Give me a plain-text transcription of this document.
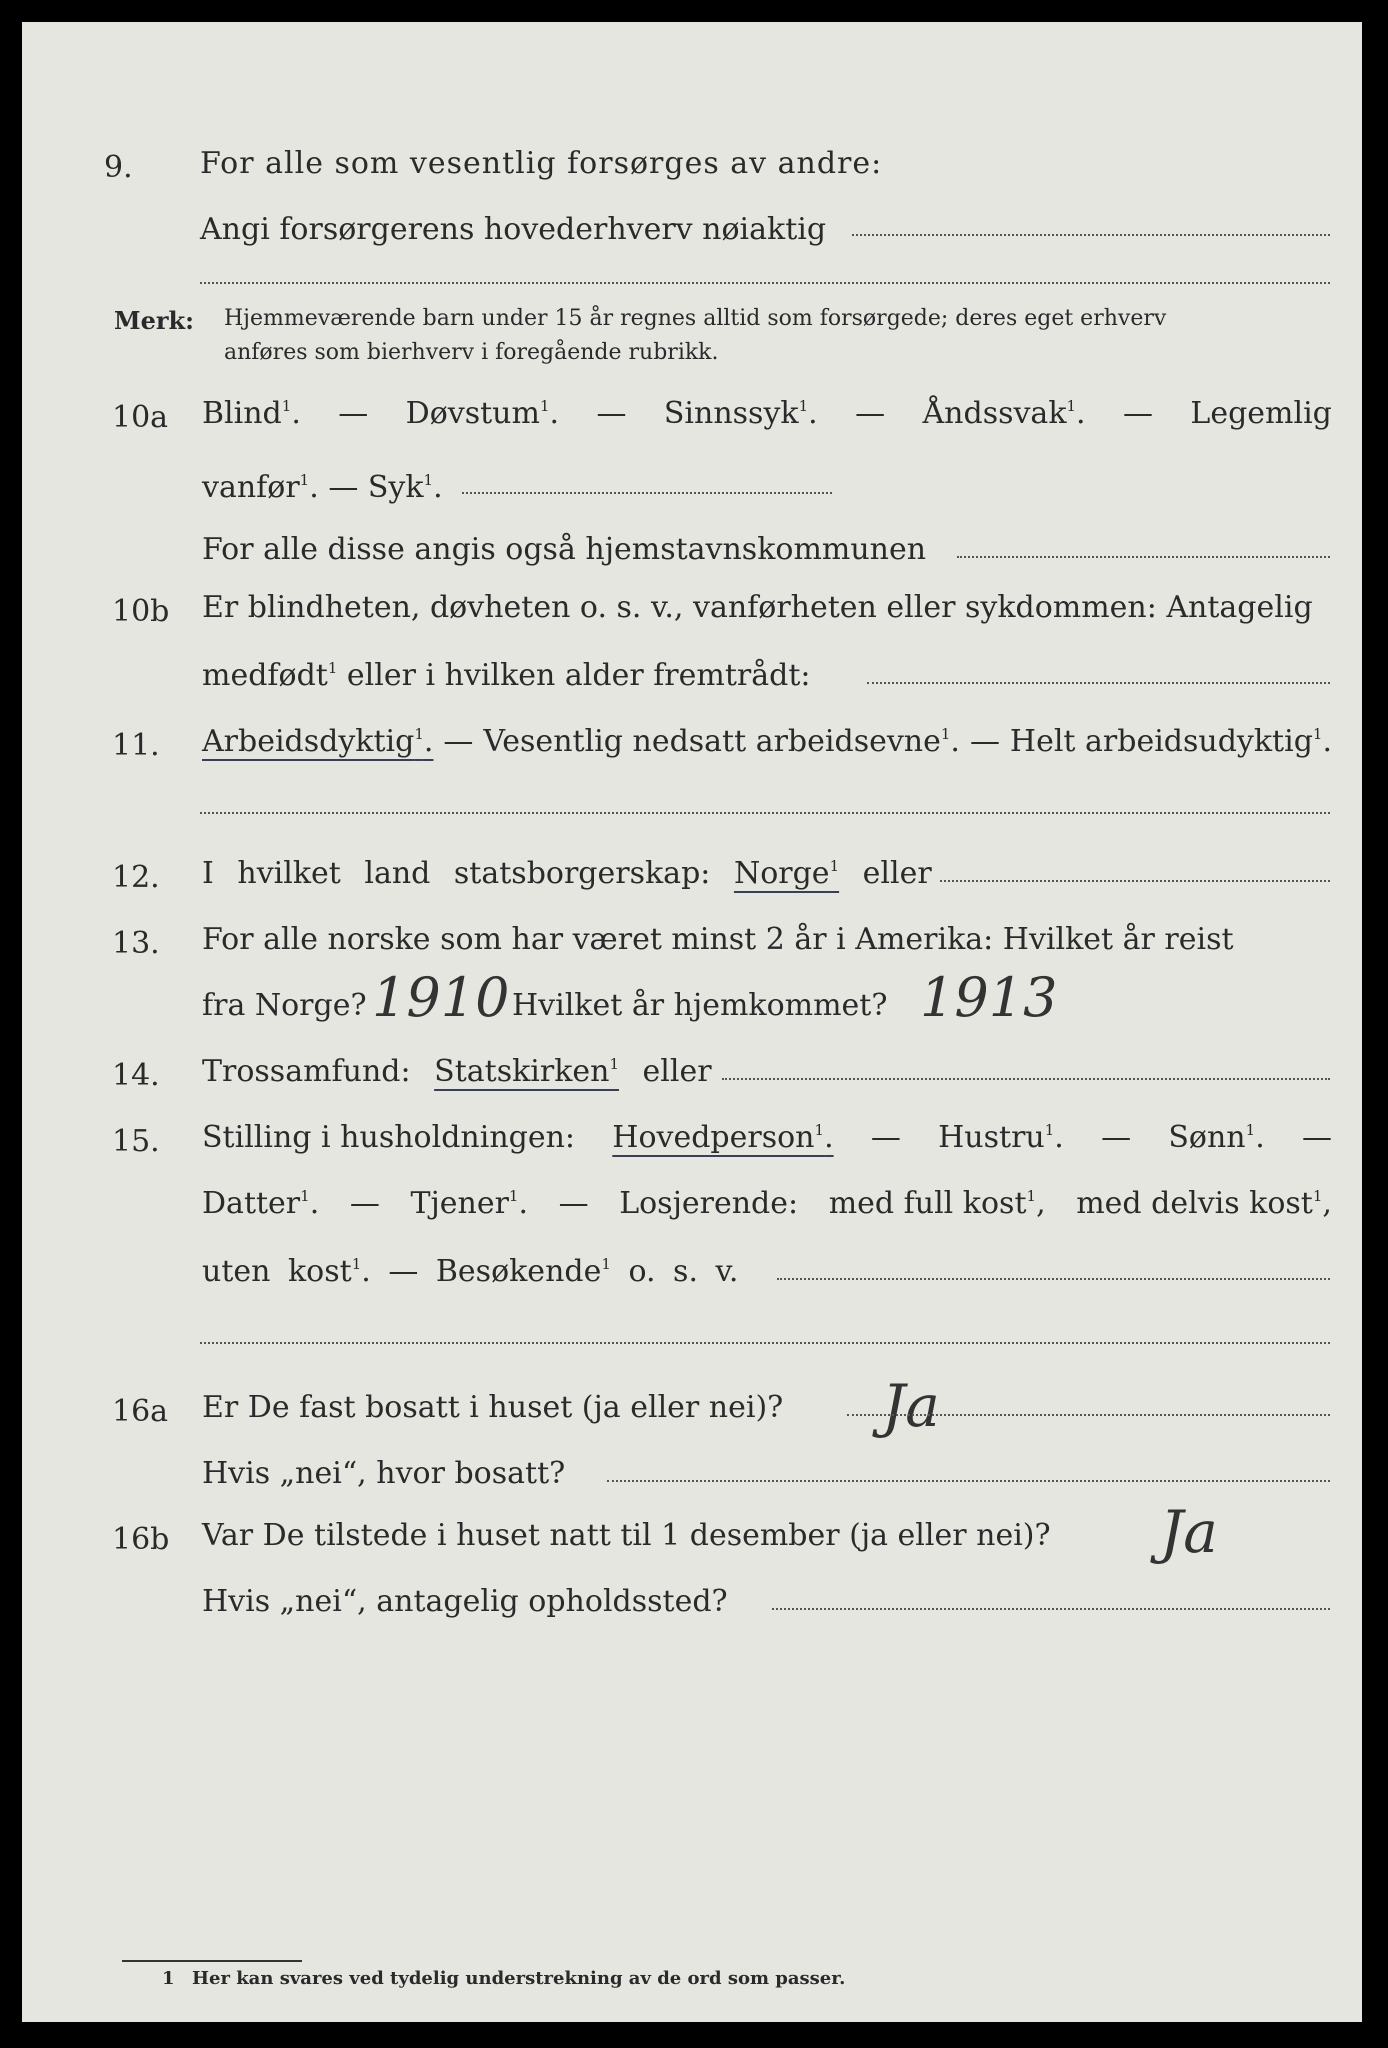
9. For alle som vesentlig forsørges av andre:
Angi forsørgerens hovederhverv nøiaktig
Merk: Hjemmeværende barn under 15 år regnes alltid som forsørgede; deres eget erhverv
anføres som bierhverv i foregående rubrikk.
10a Blind$^1$. — Døvstum$^1$. — Sinnssyk$^1$. — Åndssvak$^1$. — Legemlig
vanfør$^1$. — Syk$^1$.
For alle disse angis også hjemstavnskommunen
10b Er blindheten, døvheten o. s. v., vanførheten eller sykdommen: Antagelig
medfødt$^1$ eller i hvilken alder fremtrådt:
11. Arbeidsdyktig$^1$. — Vesentlig nedsatt arbeidsevne$^1$. — Helt arbeidsudyktig$^1$.
12. I hvilket land statsborgerskap: Norge$^1$ eller
13. For alle norske som har været minst 2 år i Amerika: Hvilket år reist
fra Norge? 1910 Hvilket år hjemkommet? 1913
14. Trossamfund: Statskirken$^1$ eller
15. Stilling i husholdningen: Hovedperson$^1$. — Hustru$^1$. — Sønn$^1$. —
Datter$^1$. — Tjener$^1$. — Losjerende: med full kost$^1$, med delvis kost$^1$,
uten kost$^1$. — Besøkende$^1$ o. s. v.
16a Er De fast bosatt i huset (ja eller nei)? Ja
Hvis „nei“, hvor bosatt?
16b Var De tilstede i huset natt til 1 desember (ja eller nei)? Ja
Hvis „nei“, antagelig opholdssted?
1 Her kan svares ved tydelig understrekning av de ord som passer.
